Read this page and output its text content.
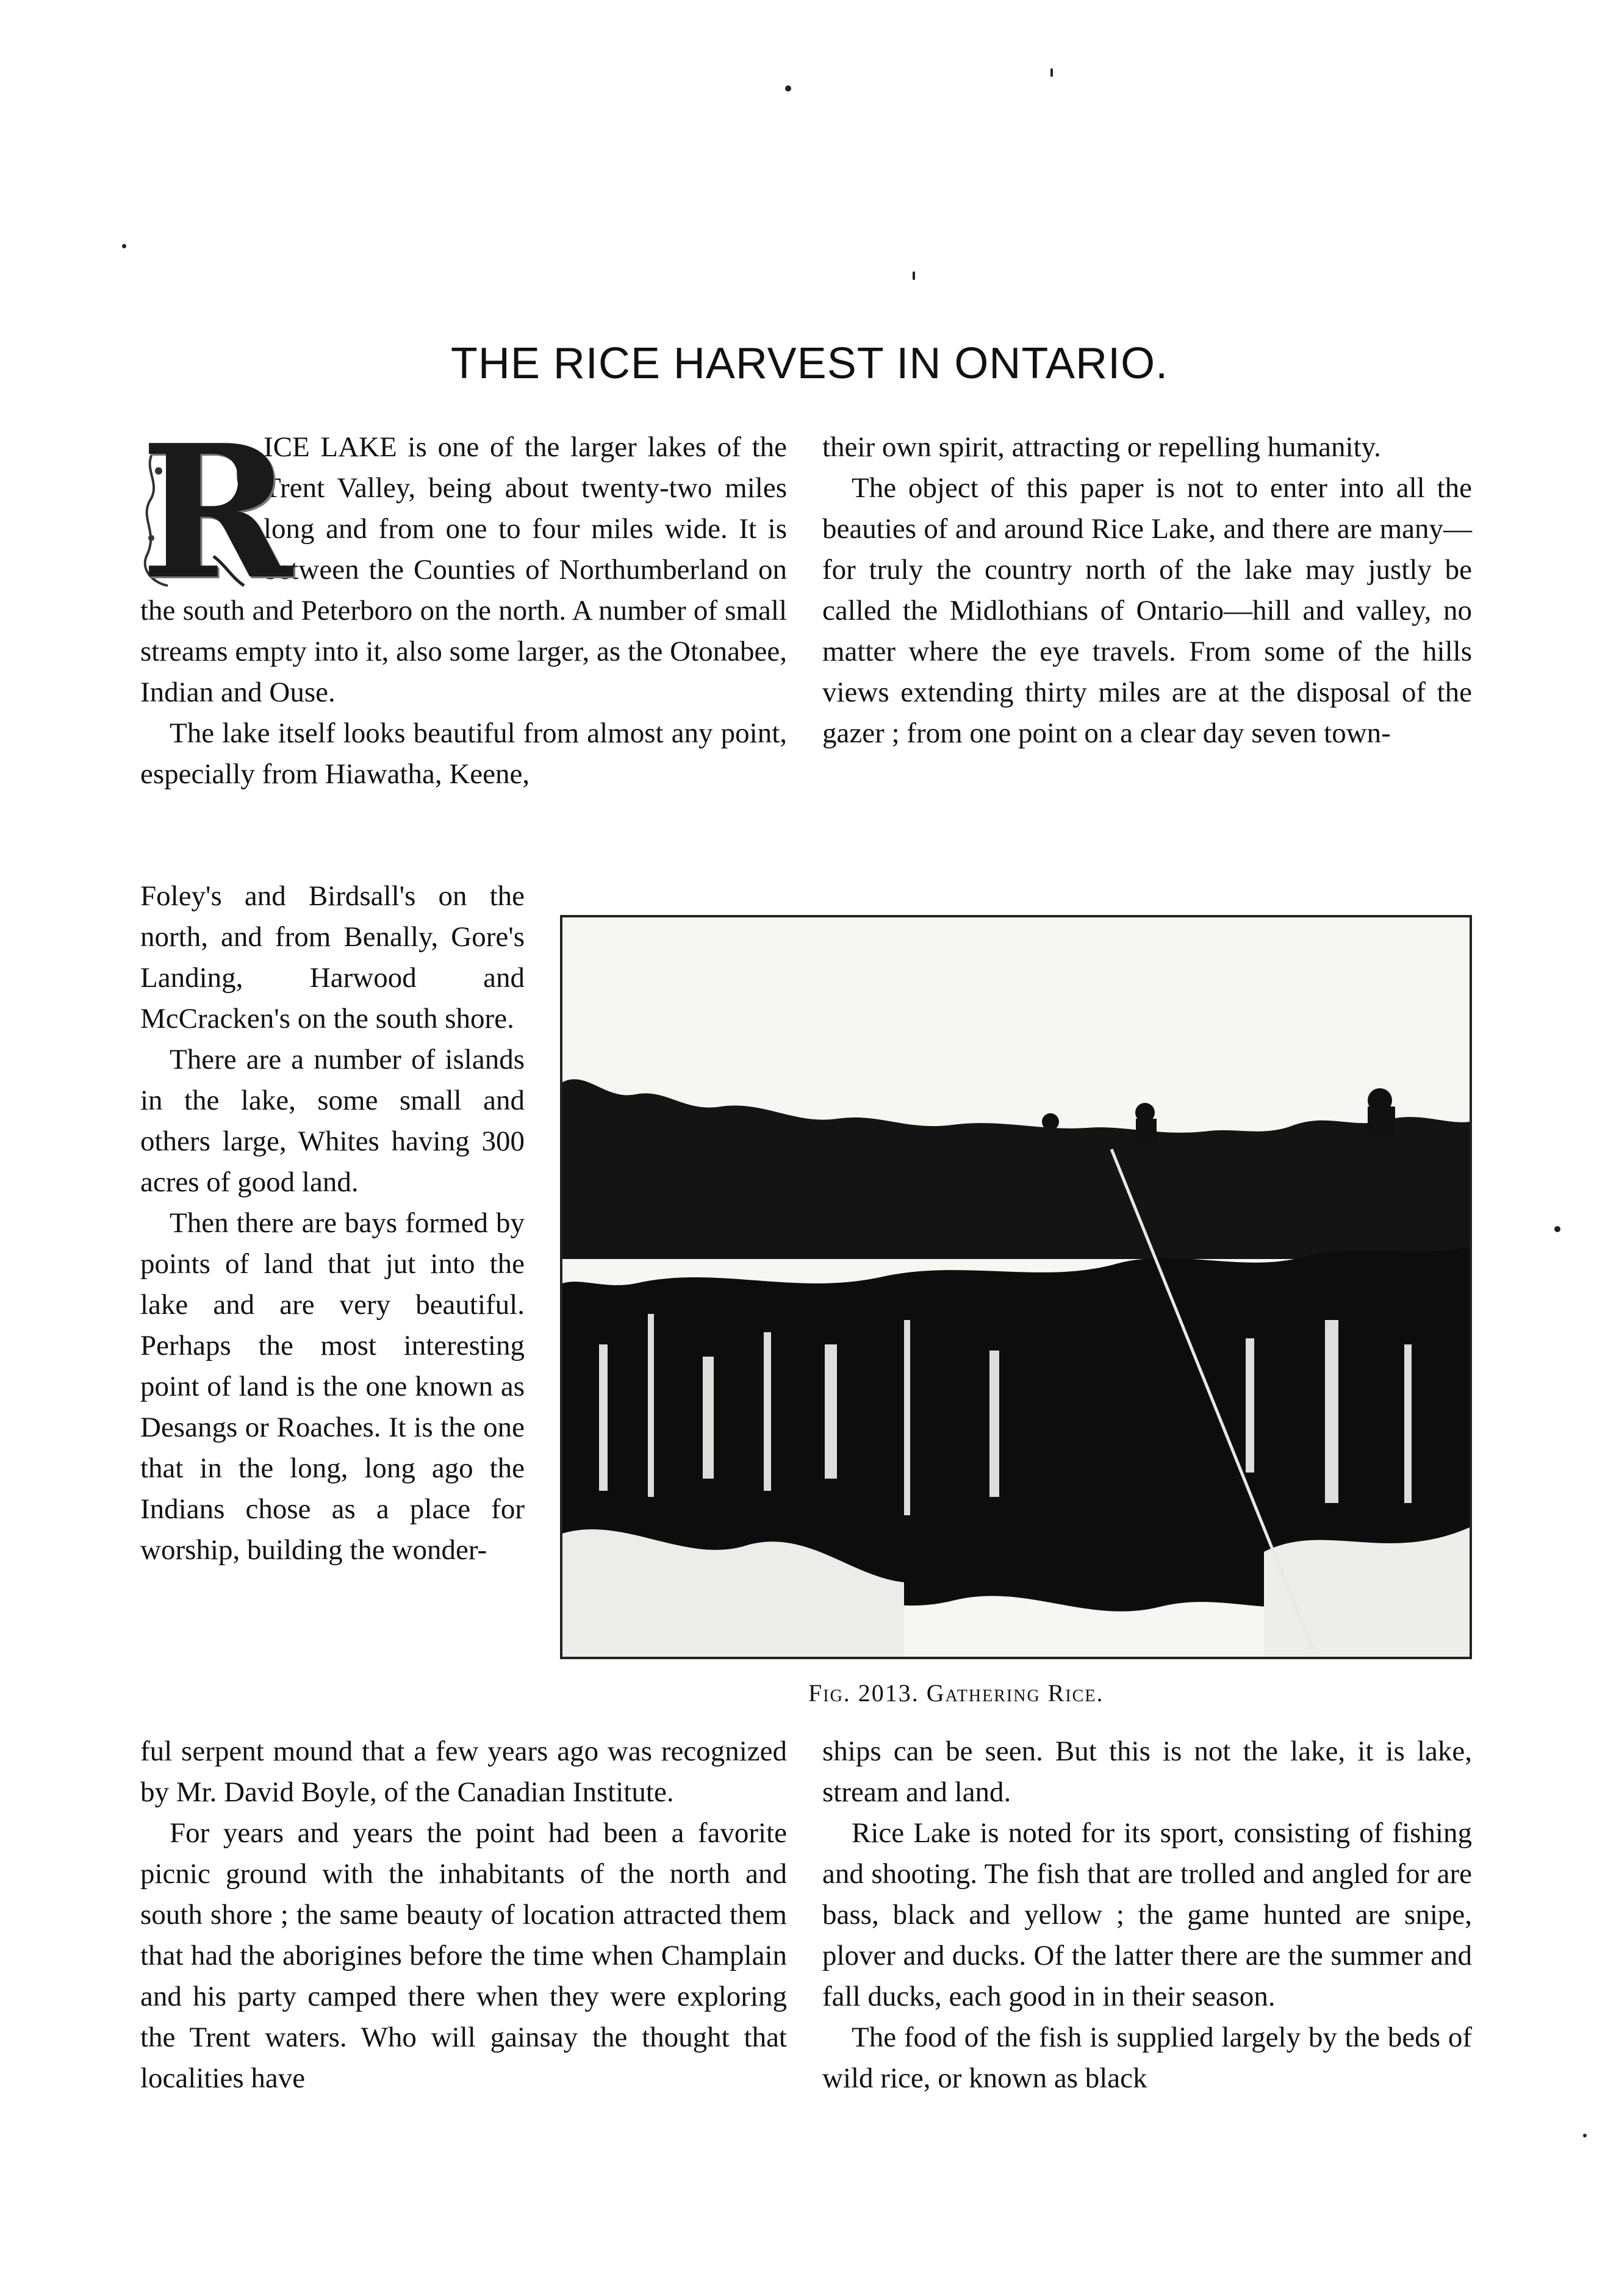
THE RICE HARVEST IN ONTARIO.
R

ICE LAKE is one of the larger lakes of the Trent Valley, being about twenty-two miles long and from one to four miles wide. It is between the Counties of Northumberland on the south and Peterboro on the north. A number of small streams empty into it, also some larger, as the Otonabee, Indian and Ouse.

The lake itself looks beautiful from almost any point, especially from Hiawatha, Keene,

Foley's and Birdsall's on the north, and from Benally, Gore's Landing, Harwood and McCracken's on the south shore.

There are a number of islands in the lake, some small and others large, Whites having 300 acres of good land.

Then there are bays formed by points of land that jut into the lake and are very beautiful. Perhaps the most interesting point of land is the one known as Desangs or Roaches. It is the one that in the long, long ago the Indians chose as a place for worship, building the wonder-

ful serpent mound that a few years ago was recognized by Mr. David Boyle, of the Canadian Institute.

For years and years the point had been a favorite picnic ground with the inhabitants of the north and south shore ; the same beauty of location attracted them that had the aborigines before the time when Champlain and his party camped there when they were exploring the Trent waters. Who will gainsay the thought that localities have

their own spirit, attracting or repelling humanity.

The object of this paper is not to enter into all the beauties of and around Rice Lake, and there are many—for truly the country north of the lake may justly be called the Midlothians of Ontario—hill and valley, no matter where the eye travels. From some of the hills views extending thirty miles are at the disposal of the gazer ; from one point on a clear day seven town-

Fig. 2013. Gathering Rice.

ships can be seen. But this is not the lake, it is lake, stream and land.

Rice Lake is noted for its sport, consisting of fishing and shooting. The fish that are trolled and angled for are bass, black and yellow ; the game hunted are snipe, plover and ducks. Of the latter there are the summer and fall ducks, each good in in their season.

The food of the fish is supplied largely by the beds of wild rice, or known as black
